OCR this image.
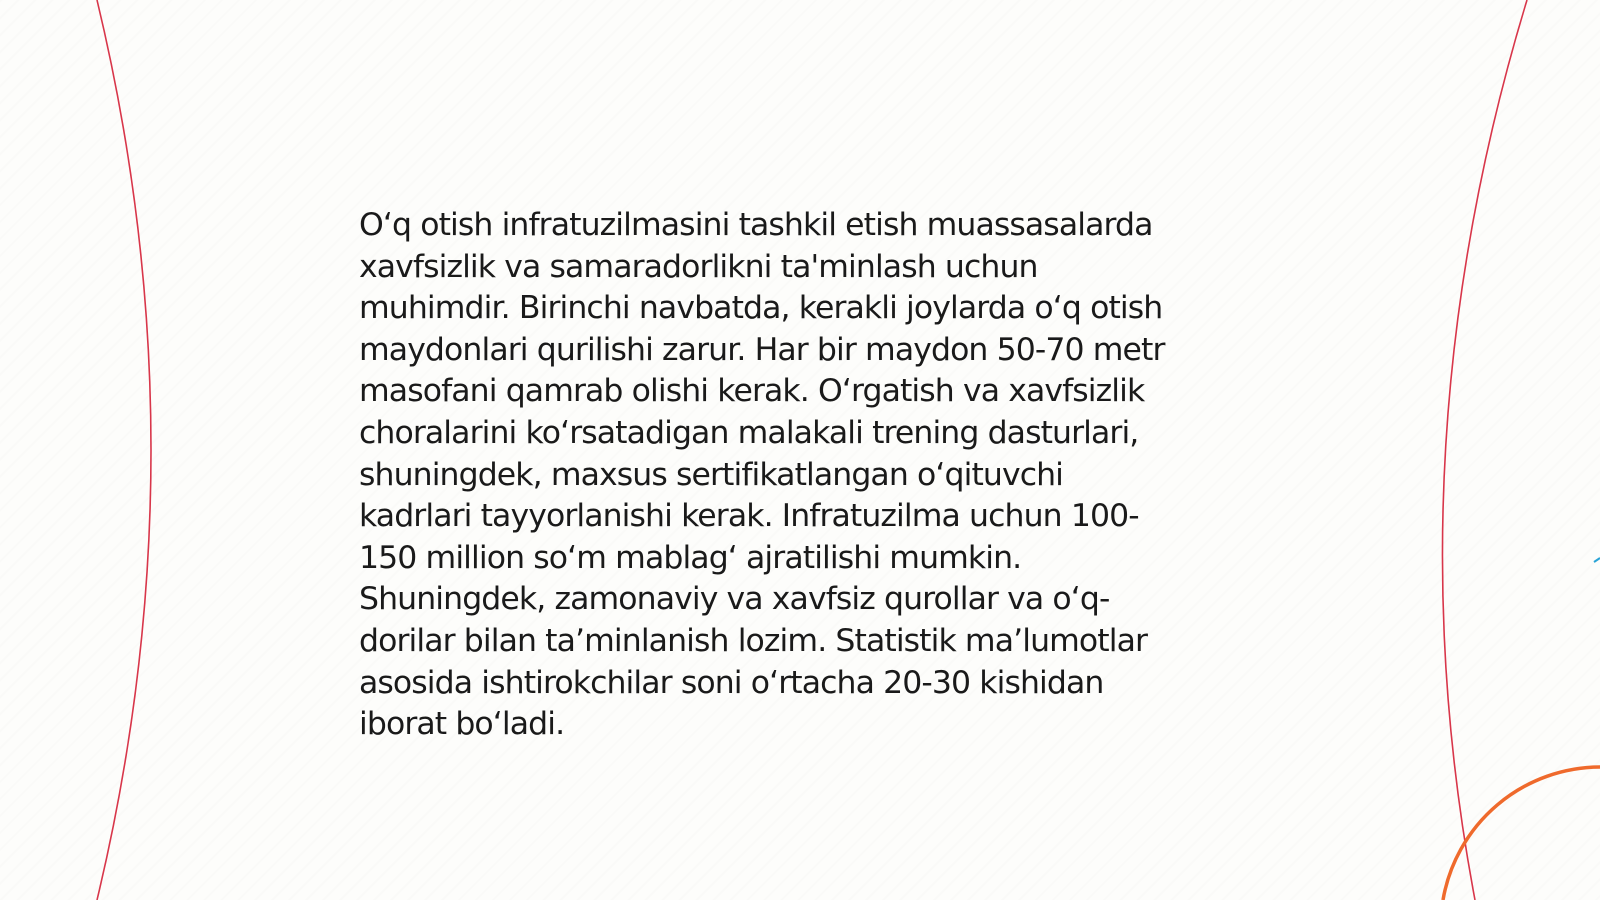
O‘q otish infratuzilmasini tashkil etish muassasalarda
xavfsizlik va samaradorlikni ta'minlash uchun
muhimdir. Birinchi navbatda, kerakli joylarda o‘q otish
maydonlari qurilishi zarur. Har bir maydon 50-70 metr
masofani qamrab olishi kerak. O‘rgatish va xavfsizlik
choralarini ko‘rsatadigan malakali trening dasturlari,
shuningdek, maxsus sertifikatlangan o‘qituvchi
kadrlari tayyorlanishi kerak. Infratuzilma uchun 100-
150 million so‘m mablag‘ ajratilishi mumkin.
Shuningdek, zamonaviy va xavfsiz qurollar va o‘q-
dorilar bilan ta’minlanish lozim. Statistik ma’lumotlar
asosida ishtirokchilar soni o‘rtacha 20-30 kishidan
iborat bo‘ladi.
